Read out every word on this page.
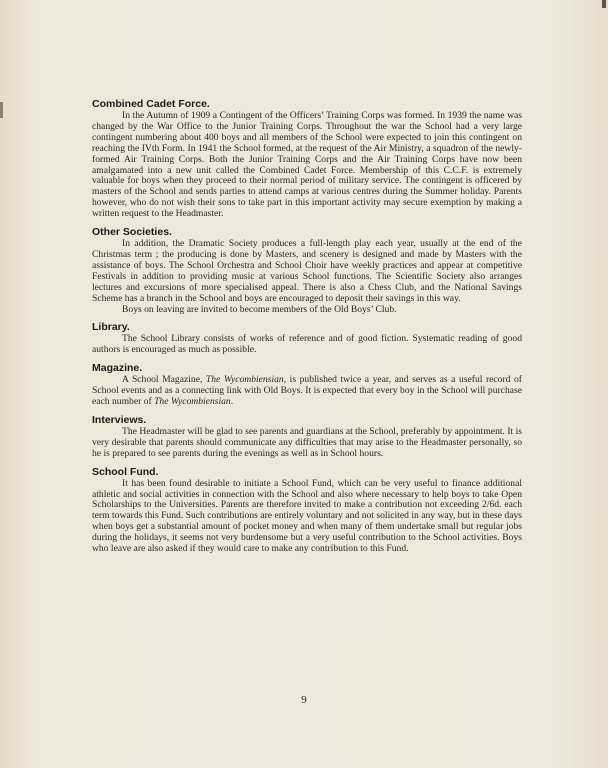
Combined Cadet Force.

In the Autumn of 1909 a Contingent of the Officers’ Training Corps was formed. In 1939 the name was changed by the War Office to the Junior Training Corps. Throughout the war the School had a very large contingent numbering about 400 boys and all members of the School were expected to join this contingent on reaching the IVth Form. In 1941 the School formed, at the request of the Air Ministry, a squadron of the newly-formed Air Training Corps. Both the Junior Training Corps and the Air Training Corps have now been amalgamated into a new unit called the Combined Cadet Force. Membership of this C.C.F. is extremely valuable for boys when they proceed to their normal period of military service. The contingent is officered by masters of the School and sends parties to attend camps at various centres during the Summer holiday. Parents however, who do not wish their sons to take part in this important activity may secure exemption by making a written request to the Headmaster.

Other Societies.

In addition, the Dramatic Society produces a full-length play each year, usually at the end of the Christmas term ; the producing is done by Masters, and scenery is designed and made by Masters with the assistance of boys. The School Orchestra and School Choir have weekly practices and appear at competitive Festivals in addition to providing music at various School functions. The Scientific Society also arranges lectures and excursions of more specialised appeal. There is also a Chess Club, and the National Savings Scheme has a branch in the School and boys are encouraged to deposit their savings in this way.

Boys on leaving are invited to become members of the Old Boys’ Club.

Library.

The School Library consists of works of reference and of good fiction. Systematic reading of good authors is encouraged as much as possible.

Magazine.

A School Magazine, The Wycombiensian, is published twice a year, and serves as a useful record of School events and as a connecting link with Old Boys. It is expected that every boy in the School will purchase each number of The Wycombiensian.

Interviews.

The Headmaster will be glad to see parents and guardians at the School, preferably by appointment. It is very desirable that parents should communicate any difficulties that may arise to the Headmaster personally, so he is prepared to see parents during the evenings as well as in School hours.

School Fund.

It has been found desirable to initiate a School Fund, which can be very useful to finance additional athletic and social activities in connection with the School and also where necessary to help boys to take Open Scholarships to the Universities. Parents are therefore invited to make a contribution not exceeding 2/6d. each term towards this Fund. Such contributions are entirely voluntary and not solicited in any way, but in these days when boys get a substantial amount of pocket money and when many of them undertake small but regular jobs during the holidays, it seems not very burdensome but a very useful contribution to the School activities. Boys who leave are also asked if they would care to make any contribution to this Fund.

9
